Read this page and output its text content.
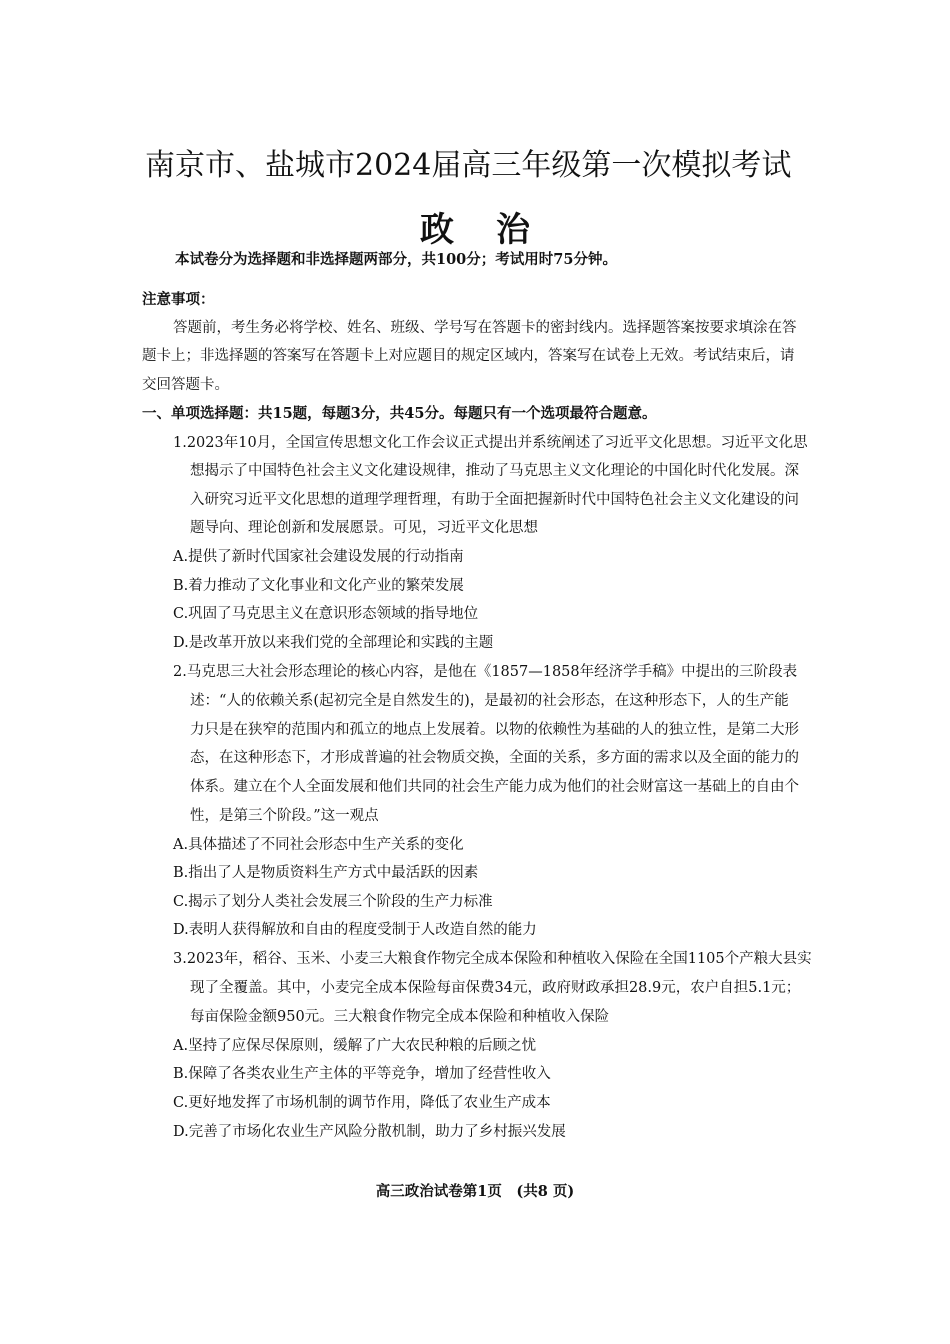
南京市、盐城市2024届高三年级第一次模拟考试
政治
本试卷分为选择题和非选择题两部分，共100分；考试用时75分钟。
注意事项：
答题前，考生务必将学校、姓名、班级、学号写在答题卡的密封线内。选择题答案按要求填涂在答
题卡上；非选择题的答案写在答题卡上对应题目的规定区域内，答案写在试卷上无效。考试结束后，请
交回答题卡。
一、单项选择题：共15题，每题3分，共45分。每题只有一个选项最符合题意。
1.2023年10月，全国宣传思想文化工作会议正式提出并系统阐述了习近平文化思想。习近平文化思
想揭示了中国特色社会主义文化建设规律，推动了马克思主义文化理论的中国化时代化发展。深
入研究习近平文化思想的道理学理哲理，有助于全面把握新时代中国特色社会主义文化建设的问
题导向、理论创新和发展愿景。可见，习近平文化思想
A.提供了新时代国家社会建设发展的行动指南
B.着力推动了文化事业和文化产业的繁荣发展
C.巩固了马克思主义在意识形态领域的指导地位
D.是改革开放以来我们党的全部理论和实践的主题
2.马克思三大社会形态理论的核心内容，是他在《1857—1858年经济学手稿》中提出的三阶段表
述：“人的依赖关系(起初完全是自然发生的)，是最初的社会形态，在这种形态下，人的生产能
力只是在狭窄的范围内和孤立的地点上发展着。以物的依赖性为基础的人的独立性，是第二大形
态，在这种形态下，才形成普遍的社会物质交换，全面的关系，多方面的需求以及全面的能力的
体系。建立在个人全面发展和他们共同的社会生产能力成为他们的社会财富这一基础上的自由个
性，是第三个阶段。”这一观点
A.具体描述了不同社会形态中生产关系的变化
B.指出了人是物质资料生产方式中最活跃的因素
C.揭示了划分人类社会发展三个阶段的生产力标准
D.表明人获得解放和自由的程度受制于人改造自然的能力
3.2023年，稻谷、玉米、小麦三大粮食作物完全成本保险和种植收入保险在全国1105个产粮大县实
现了全覆盖。其中，小麦完全成本保险每亩保费34元，政府财政承担28.9元，农户自担5.1元；
每亩保险金额950元。三大粮食作物完全成本保险和种植收入保险
A.坚持了应保尽保原则，缓解了广大农民种粮的后顾之忧
B.保障了各类农业生产主体的平等竞争，增加了经营性收入
C.更好地发挥了市场机制的调节作用，降低了农业生产成本
D.完善了市场化农业生产风险分散机制，助力了乡村振兴发展
高三政治试卷第1页　(共8 页)
